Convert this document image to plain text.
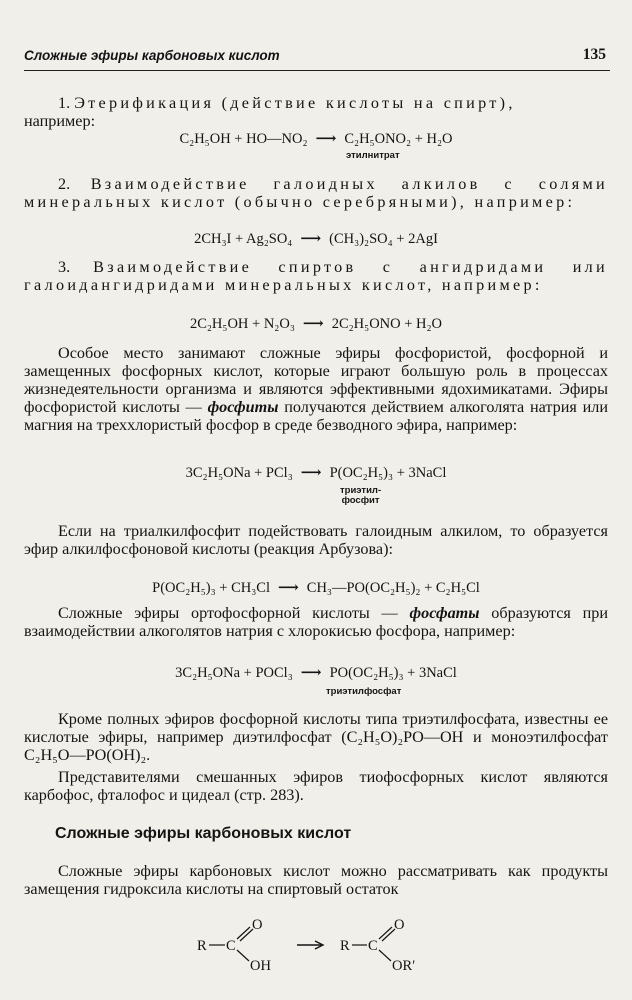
Сложные эфиры карбоновых кислот	135

1. Этерификация (действие кислоты на спирт),
например:

C₂H₅OH + HO—NO₂ ⟶ C₂H₅ONO₂ + H₂O
этилнитрат

2. Взаимодействие галоидных алкилов с солями минеральных кислот (обычно серебряными), например:

2CH₃I + Ag₂SO₄ ⟶ (CH₃)₂SO₄ + 2AgI

3. Взаимодействие спиртов с ангидридами или галоидангидридами минеральных кислот, например:

2C₂H₅OH + N₂O₃ ⟶ 2C₂H₅ONO + H₂O

Особое место занимают сложные эфиры фосфористой, фосфорной и замещенных фосфорных кислот, которые играют большую роль в процессах жизнедеятельности организма и являются эффективными ядохимикатами. Эфиры фосфористой кислоты — фосфиты получаются действием алкоголята натрия или магния на треххлористый фосфор в среде безводного эфира, например:

3C₂H₅ONa + PCl₃ ⟶ P(OC₂H₅)₃ + 3NaCl
триэтил-
фосфит

Если на триалкилфосфит подействовать галоидным алкилом, то образуется эфир алкилфосфоновой кислоты (реакция Арбузова):

P(OC₂H₅)₃ + CH₃Cl ⟶ CH₃—PO(OC₂H₅)₂ + C₂H₅Cl

Сложные эфиры ортофосфорной кислоты — фосфаты образуются при взаимодействии алкоголятов натрия с хлорокисью фосфора, например:

3C₂H₅ONa + POCl₃ ⟶ PO(OC₂H₅)₃ + 3NaCl
триэтилфосфат

Кроме полных эфиров фосфорной кислоты типа триэтилфосфата, известны ее кислотые эфиры, например диэтилфосфат (C₂H₅O)₂PO—OH и моноэтилфосфат C₂H₅O—PO(OH)₂.

Представителями смешанных эфиров тиофосфорных кислот являются карбофос, фталофос и цидеал (стр. 283).

Сложные эфиры карбоновых кислот

Сложные эфиры карбоновых кислот можно рассматривать как продукты замещения гидроксила кислоты на спиртовый остаток

R C
O
OH
R C
O
OR′
